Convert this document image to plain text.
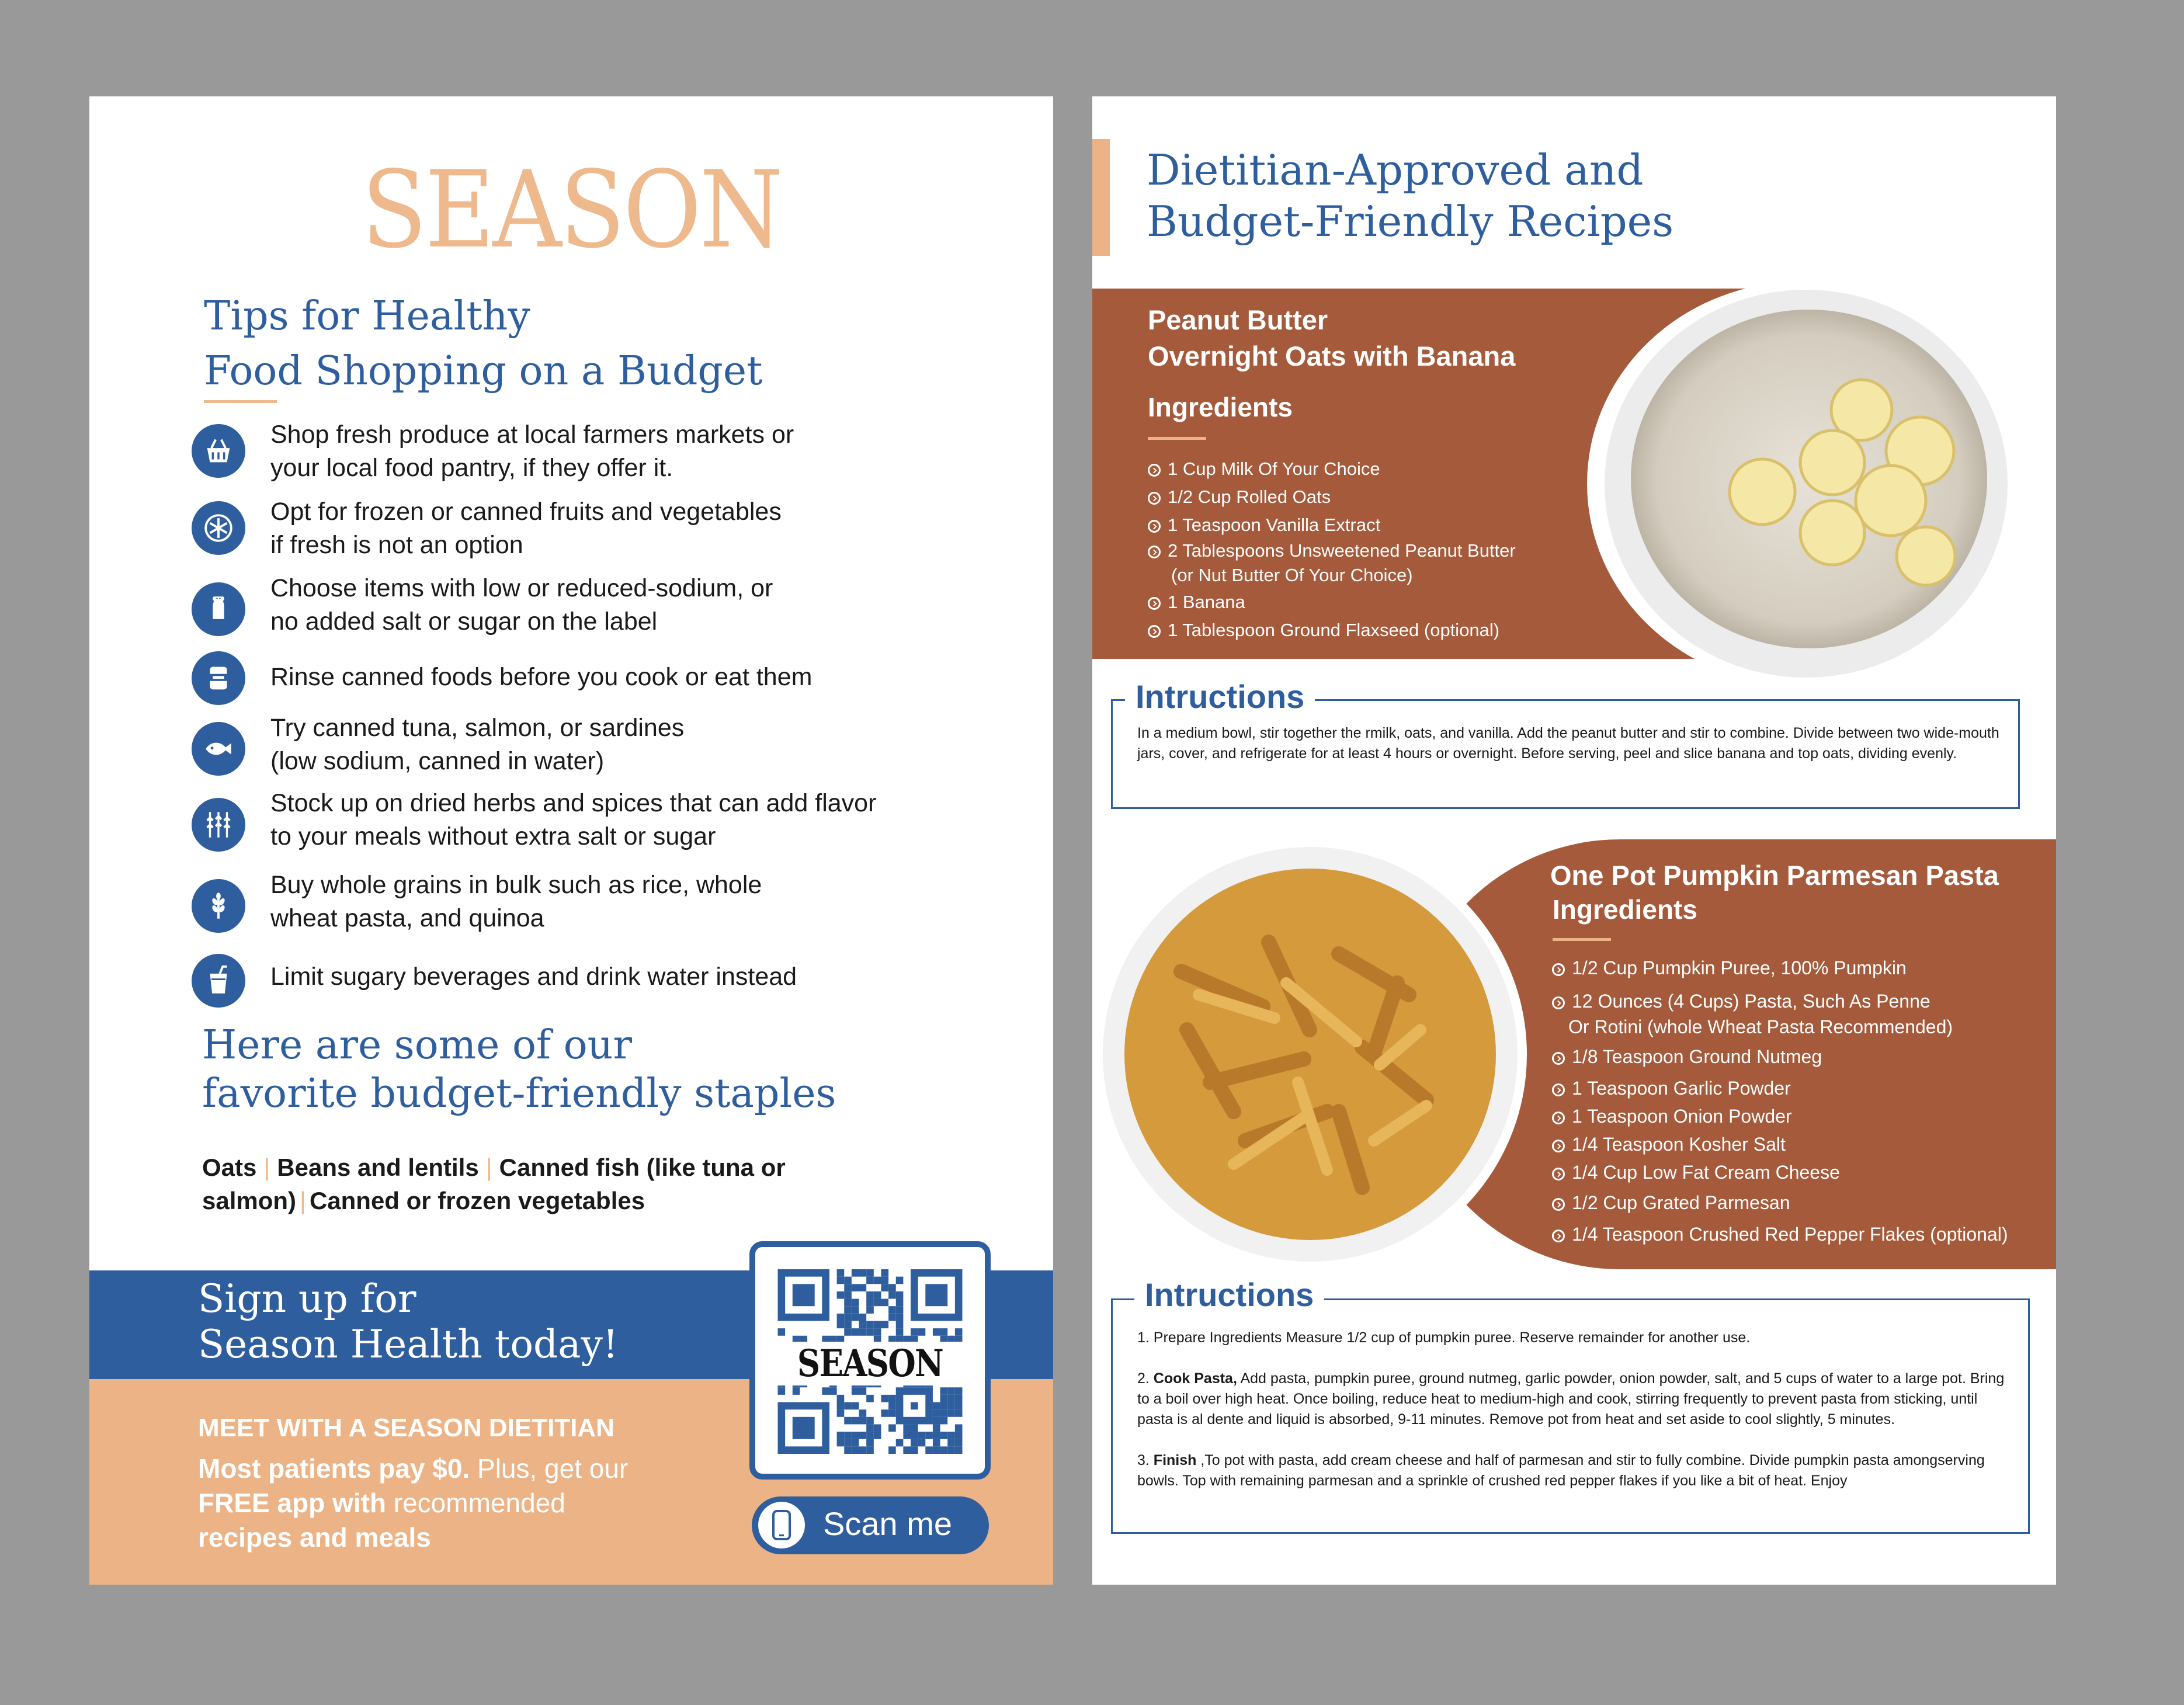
SEASON
Tips for Healthy
Food Shopping on a Budget
Shop fresh produce at local farmers markets or
your local food pantry, if they offer it.
Opt for frozen or canned fruits and vegetables
if fresh is not an option
Choose items with low or reduced-sodium, or
no added salt or sugar on the label
Rinse canned foods before you cook or eat them
Try canned tuna, salmon, or sardines
(low sodium, canned in water)
Stock up on dried herbs and spices that can add flavor
to your meals without extra salt or sugar
Buy whole grains in bulk such as rice, whole
wheat pasta, and quinoa
Limit sugary beverages and drink water instead
Here are some of our
favorite budget-friendly staples
Oats | Beans and lentils | Canned fish (like tuna or salmon) | Canned or frozen vegetables
Sign up for
Season Health today!
MEET WITH A SEASON DIETITIAN
Most patients pay $0. Plus, get our
FREE app with recommended
recipes and meals
SEASON
Scan me
Dietitian-Approved and
Budget-Friendly Recipes
Peanut Butter
Overnight Oats with Banana
Ingredients
1 Cup Milk Of Your Choice
1/2 Cup Rolled Oats
1 Teaspoon Vanilla Extract
2 Tablespoons Unsweetened Peanut Butter
(or Nut Butter Of Your Choice)
1 Banana
1 Tablespoon Ground Flaxseed (optional)
Intructions
In a medium bowl, stir together the rmilk, oats, and vanilla. Add the peanut butter and stir to combine. Divide between two wide-mouth jars, cover, and refrigerate for at least 4 hours or overnight. Before serving, peel and slice banana and top oats, dividing evenly.
One Pot Pumpkin Parmesan Pasta
Ingredients
1/2 Cup Pumpkin Puree, 100% Pumpkin
12 Ounces (4 Cups) Pasta, Such As Penne
Or Rotini (whole Wheat Pasta Recommended)
1/8 Teaspoon Ground Nutmeg
1 Teaspoon Garlic Powder
1 Teaspoon Onion Powder
1/4 Teaspoon Kosher Salt
1/4 Cup Low Fat Cream Cheese
1/2 Cup Grated Parmesan
1/4 Teaspoon Crushed Red Pepper Flakes (optional)
Intructions

1. Prepare Ingredients Measure 1/2 cup of pumpkin puree. Reserve remainder for another use.

2. Cook Pasta, Add pasta, pumpkin puree, ground nutmeg, garlic powder, onion powder, salt, and 5 cups of water to a large pot. Bring to a boil over high heat. Once boiling, reduce heat to medium-high and cook, stirring frequently to prevent pasta from sticking, until pasta is al dente and liquid is absorbed, 9-11 minutes. Remove pot from heat and set aside to cool slightly, 5 minutes.

3. Finish ,To pot with pasta, add cream cheese and half of parmesan and stir to fully combine. Divide pumpkin pasta amongserving bowls. Top with remaining parmesan and a sprinkle of crushed red pepper flakes if you like a bit of heat. Enjoy
